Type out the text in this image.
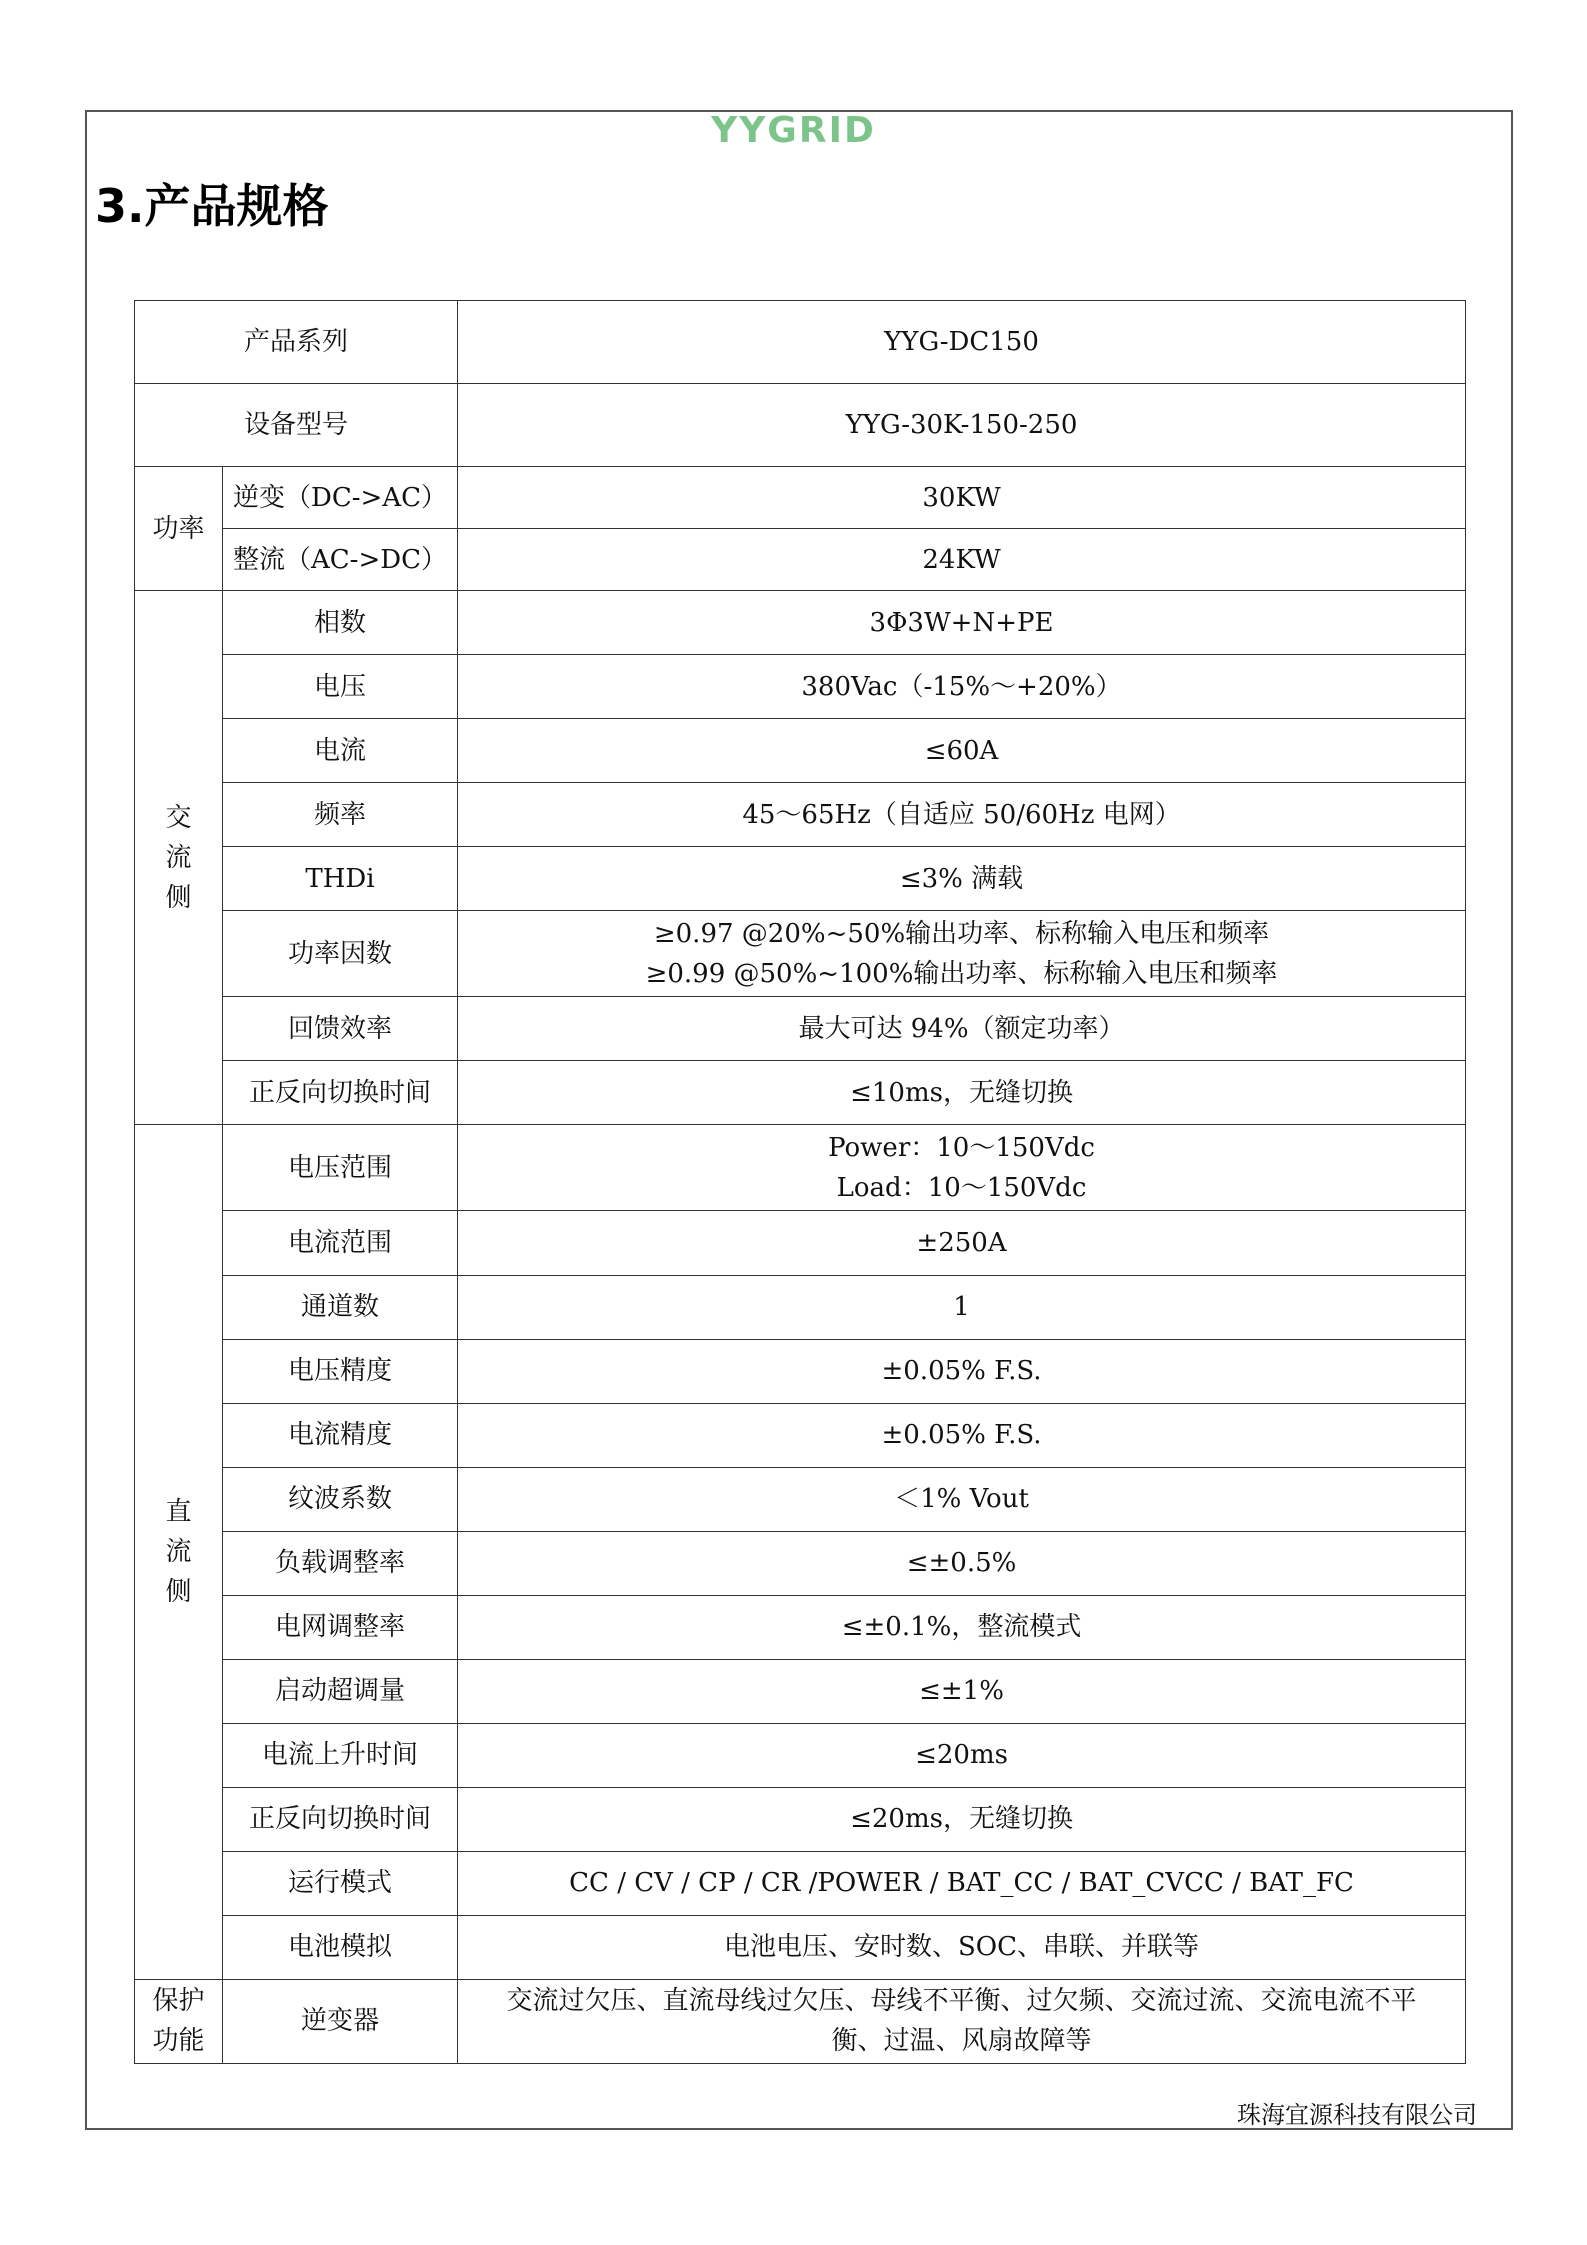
YYGRID
3.产品规格
产品系列		YYG-DC150
设备型号		YYG-30K-150-250
功率	逆变（DC->AC）	30KW
	整流（AC->DC）	24KW

交
流
侧	相数	3Φ3W+N+PE
	电压	380Vac（-15%～+20%）
	电流	≤60A
	频率	45～65Hz（自适应 50/60Hz 电网）
	THDi	≤3% 满载
	功率因数	≥0.97 @20%~50%输出功率、标称输入电压和频率
≥0.99 @50%~100%输出功率、标称输入电压和频率

	回馈效率	最大可达 94%（额定功率）
	正反向切换时间	≤10ms，无缝切换

直
流
侧	电压范围	Power：10～150Vdc
Load：10～150Vdc

	电流范围	±250A
	通道数	1
	电压精度	±0.05% F.S.
	电流精度	±0.05% F.S.
	纹波系数	＜1% Vout
	负载调整率	≤±0.5%
	电网调整率	≤±0.1%，整流模式
	启动超调量	≤±1%
	电流上升时间	≤20ms
	正反向切换时间	≤20ms，无缝切换
	运行模式	CC / CV / CP / CR /POWER / BAT_CC / BAT_CVCC / BAT_FC
	电池模拟	电池电压、安时数、SOC、串联、并联等

保护
功能	逆变器	交流过欠压、直流母线过欠压、母线不平衡、过欠频、交流过流、交流电流不平
衡、过温、风扇故障等
珠海宜源科技有限公司
